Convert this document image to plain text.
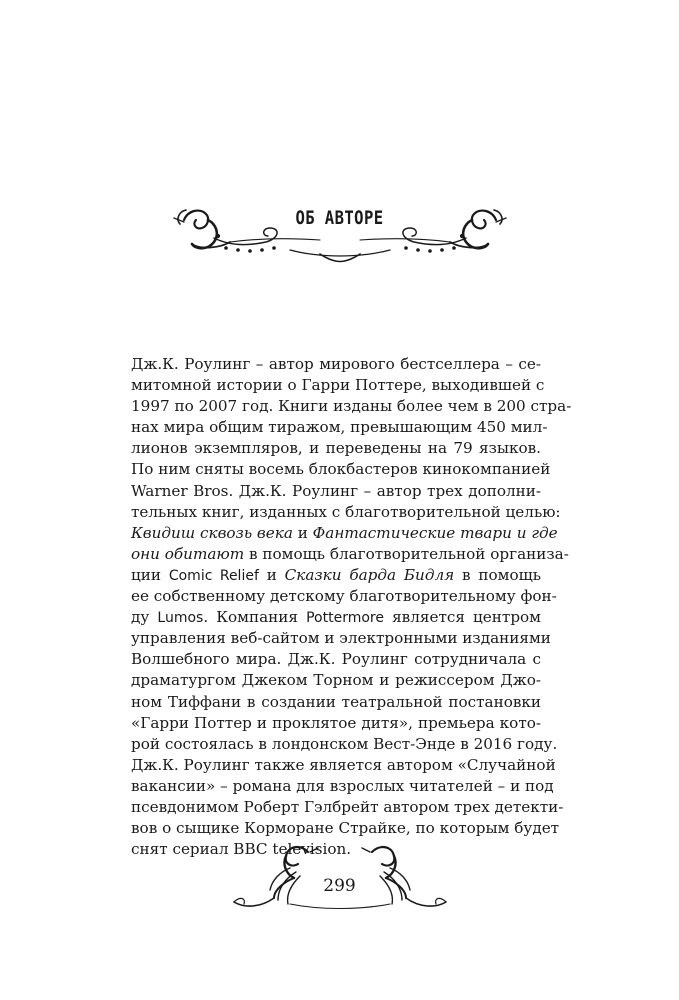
ОБ АВТОРЕ
Дж.К. Роулинг – автор мирового бестселлера – се-
митомной истории о Гарри Поттере, выходившей с
1997 по 2007 год. Книги изданы более чем в 200 стра-
нах мира общим тиражом, превышающим 450 мил-
лионов экземпляров, и переведены на 79 языков.
По ним сняты восемь блокбастеров кинокомпанией
Warner Bros. Дж.К. Роулинг – автор трех дополни-
тельных книг, изданных с благотворительной целью:
Квидиш сквозь века и Фантастические твари и где
они обитают в помощь благотворительной организа-
ции Comic Relief и Сказки барда Бидля в помощь
ее собственному детскому благотворительному фон-
ду Lumos. Компания Pottermore является центром
управления веб-сайтом и электронными изданиями
Волшебного мира. Дж.К. Роулинг сотрудничала с
драматургом Джеком Торном и режиссером Джо-
ном Тиффани в создании театральной постановки
«Гарри Поттер и проклятое дитя», премьера кото-
рой состоялась в лондонском Вест-Энде в 2016 году.
Дж.К. Роулинг также является автором «Случайной
вакансии» – романа для взрослых читателей – и под
псевдонимом Роберт Гэлбрейт автором трех детекти-
вов о сыщике Корморане Страйке, по которым будет
снят сериал BBC television.
299
